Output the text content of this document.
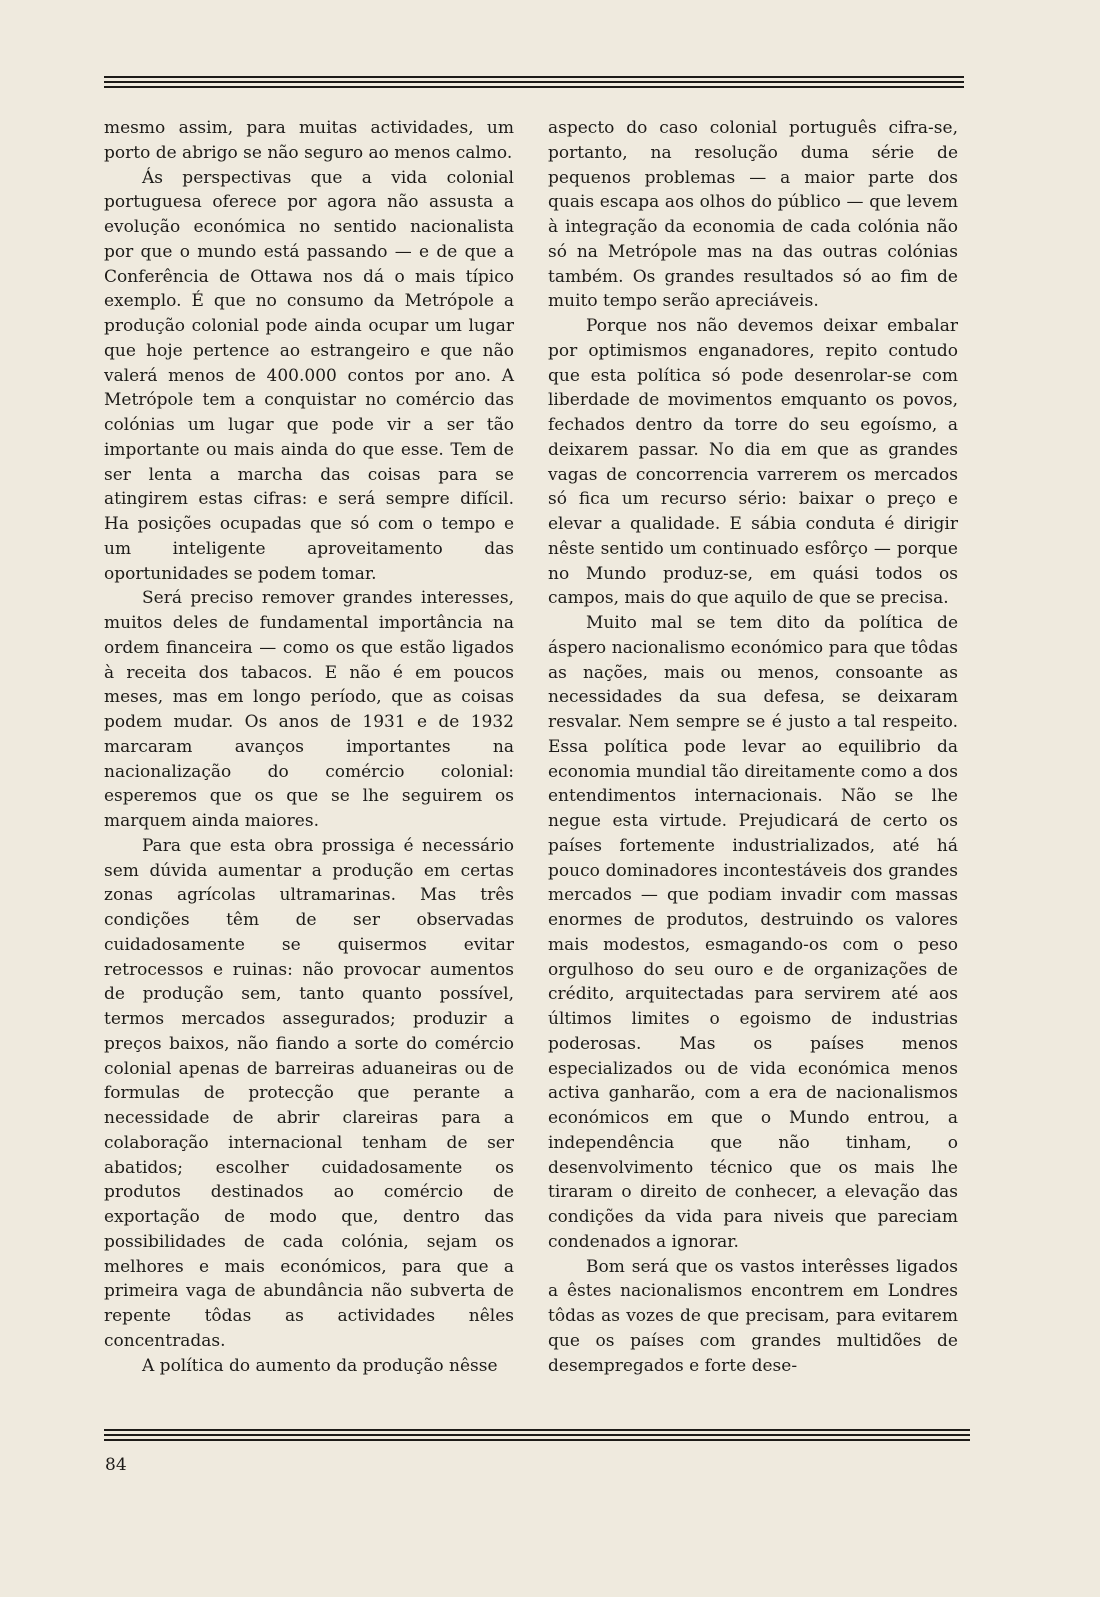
mesmo assim, para muitas actividades, um porto de abrigo se não seguro ao menos calmo.

Ás perspectivas que a vida colonial portuguesa oferece por agora não assusta a evolução económica no sentido nacionalista por que o mundo está passando — e de que a Conferência de Ottawa nos dá o mais típico exemplo. É que no consumo da Metrópole a produção colonial pode ainda ocupar um lugar que hoje pertence ao estrangeiro e que não valerá menos de 400.000 contos por ano. A Metrópole tem a conquistar no comércio das colónias um lugar que pode vir a ser tão importante ou mais ainda do que esse. Tem de ser lenta a marcha das coisas para se atingirem estas cifras: e será sempre difícil. Ha posições ocupadas que só com o tempo e um inteligente aproveitamento das oportunidades se podem tomar.

Será preciso remover grandes interesses, muitos deles de fundamental importância na ordem financeira — como os que estão ligados à receita dos tabacos. E não é em poucos meses, mas em longo período, que as coisas podem mudar. Os anos de 1931 e de 1932 marcaram avanços importantes na nacionalização do comércio colonial: esperemos que os que se lhe seguirem os marquem ainda maiores.

Para que esta obra prossiga é necessário sem dúvida aumentar a produção em certas zonas agrícolas ultramarinas. Mas três condições têm de ser observadas cuidadosamente se quisermos evitar retrocessos e ruinas: não provocar aumentos de produção sem, tanto quanto possível, termos mercados assegurados; produzir a preços baixos, não fiando a sorte do comércio colonial apenas de barreiras aduaneiras ou de formulas de protecção que perante a necessidade de abrir clareiras para a colaboração internacional tenham de ser abatidos; escolher cuidadosamente os produtos destinados ao comércio de exportação de modo que, dentro das possibilidades de cada colónia, sejam os melhores e mais económicos, para que a primeira vaga de abundância não subverta de repente tôdas as actividades nêles concentradas.

A política do aumento da produção nêsse

aspecto do caso colonial português cifra-se, portanto, na resolução duma série de pequenos problemas — a maior parte dos quais escapa aos olhos do público — que levem à integração da economia de cada colónia não só na Metrópole mas na das outras colónias também. Os grandes resultados só ao fim de muito tempo serão apreciáveis.

Porque nos não devemos deixar embalar por optimismos enganadores, repito contudo que esta política só pode desenrolar-se com liberdade de movimentos emquanto os povos, fechados dentro da torre do seu egoísmo, a deixarem passar. No dia em que as grandes vagas de concorrencia varrerem os mercados só fica um recurso sério: baixar o preço e elevar a qualidade. E sábia conduta é dirigir nêste sentido um continuado esfôrço — porque no Mundo produz-se, em quási todos os campos, mais do que aquilo de que se precisa.

Muito mal se tem dito da política de áspero nacionalismo económico para que tôdas as nações, mais ou menos, consoante as necessidades da sua defesa, se deixaram resvalar. Nem sempre se é justo a tal respeito. Essa política pode levar ao equilibrio da economia mundial tão direitamente como a dos entendimentos internacionais. Não se lhe negue esta virtude. Prejudicará de certo os países fortemente industrializados, até há pouco dominadores incontestáveis dos grandes mercados — que podiam invadir com massas enormes de produtos, destruindo os valores mais modestos, esmagando-os com o peso orgulhoso do seu ouro e de organizações de crédito, arquitectadas para servirem até aos últimos limites o egoismo de industrias poderosas. Mas os países menos especializados ou de vida económica menos activa ganharão, com a era de nacionalismos económicos em que o Mundo entrou, a independência que não tinham, o desenvolvimento técnico que os mais lhe tiraram o direito de conhecer, a elevação das condições da vida para niveis que pareciam condenados a ignorar.

Bom será que os vastos interêsses ligados a êstes nacionalismos encontrem em Londres tôdas as vozes de que precisam, para evitarem que os países com grandes multidões de desempregados e forte dese-

84
